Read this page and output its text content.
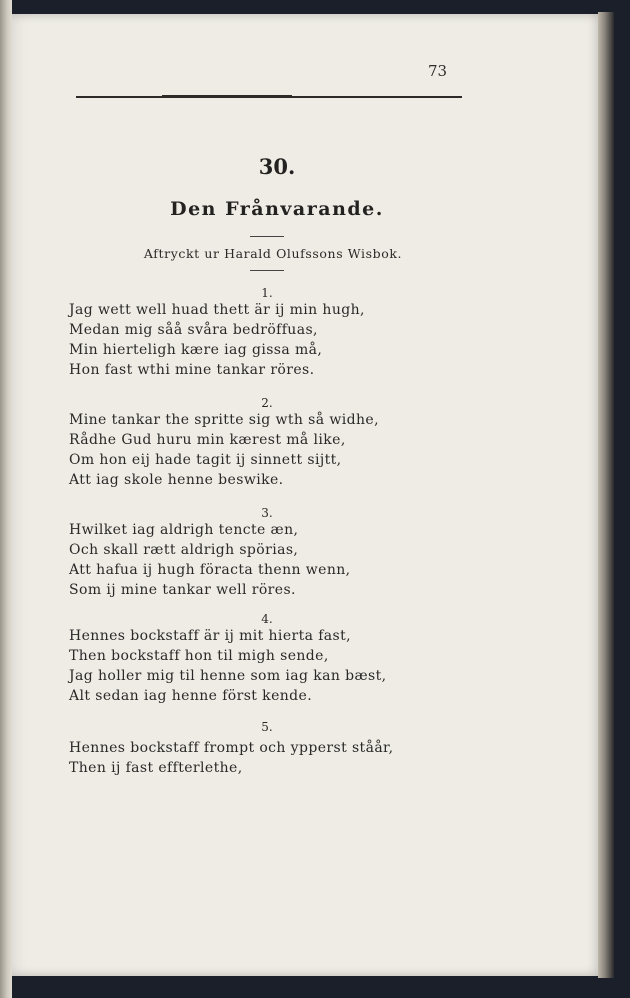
73
30.
Den Frånvarande.
Aftryckt ur Harald Olufssons Wisbok.
1.
Jag wett well huad thett är ij min hugh,
Medan mig såå svåra bedröffuas,
Min hierteligh kære iag gissa må,
Hon fast wthi mine tankar röres.
2.
Mine tankar the spritte sig wth så widhe,
Rådhe Gud huru min kærest må like,
Om hon eij hade tagit ij sinnett sijtt,
Att iag skole henne beswike.
3.
Hwilket iag aldrigh tencte æn,
Och skall rætt aldrigh spörias,
Att hafua ij hugh föracta thenn wenn,
Som ij mine tankar well röres.
4.
Hennes bockstaff är ij mit hierta fast,
Then bockstaff hon til migh sende,
Jag holler mig til henne som iag kan bæst,
Alt sedan iag henne först kende.
5.
Hennes bockstaff frompt och ypperst ståår,
Then ij fast effterlethe,
